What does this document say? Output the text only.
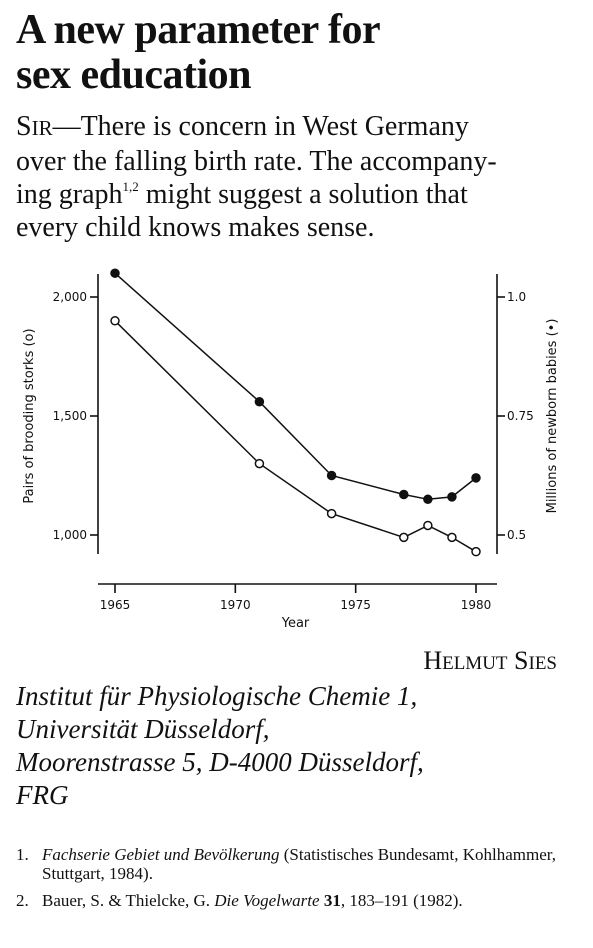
A new parameter for
sex education

SIR—There is concern in West Germany
over the falling birth rate. The accompany-
ing graph$^{1,2}$ might suggest a solution that
every child knows makes sense.

1965	1970	1975	1980
Year
2,000
1,500
1,000
Pairs of brooding storks (o)
1.0
0.75
0.5
Millions of newborn babies (•)
HELMUT SIES
Institut für Physiologische Chemie 1,
Universität Düsseldorf,
Moorenstrasse 5, D-4000 Düsseldorf,
FRG
1. Fachserie Gebiet und Bevölkerung (Statistisches Bundesamt, Kohlhammer, Stuttgart, 1984).
2. Bauer, S. & Thielcke, G. Die Vogelwarte 31, 183–191 (1982).
